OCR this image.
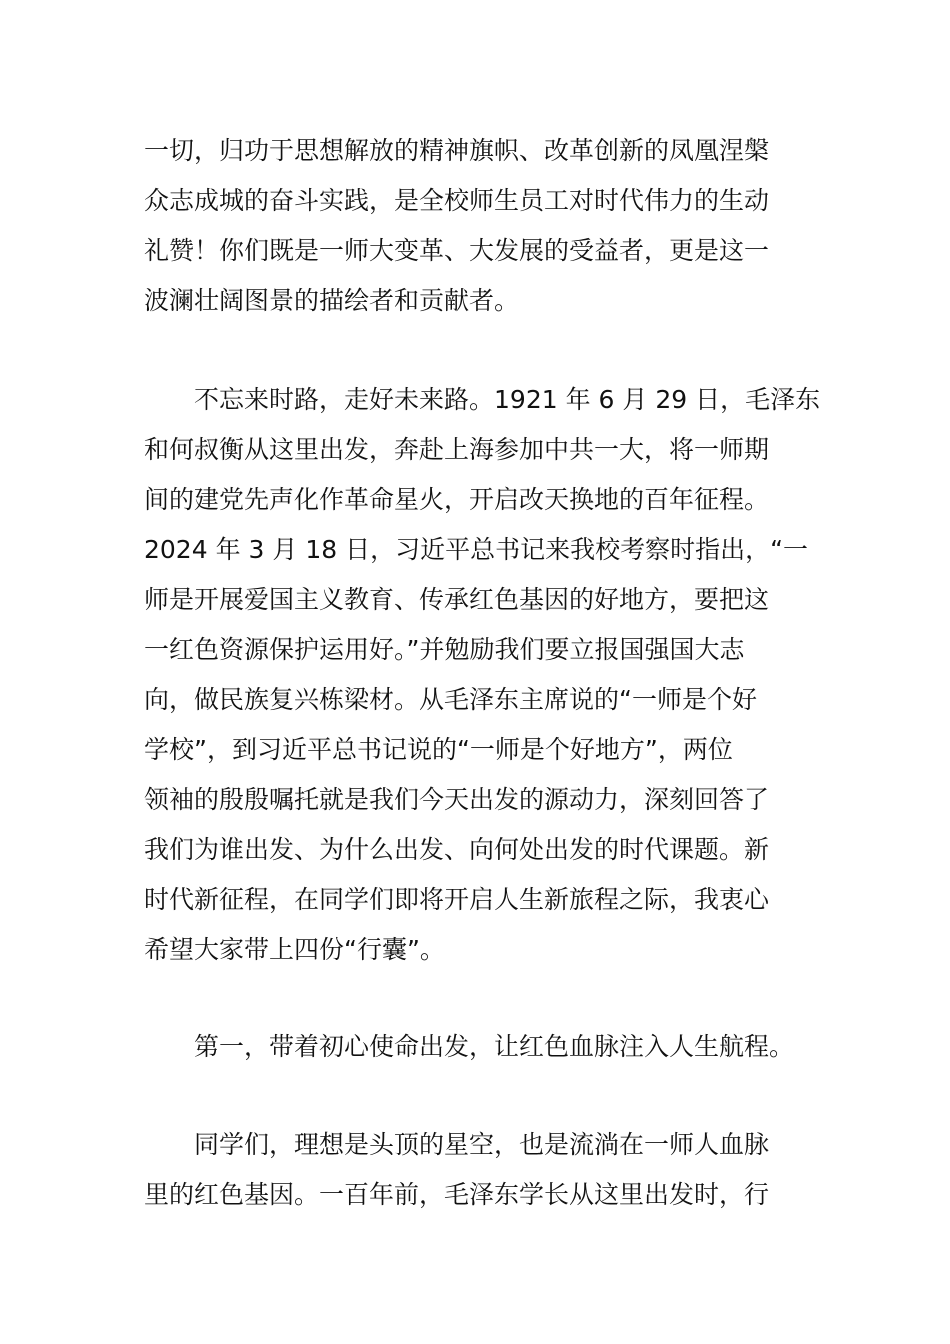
一切，归功于思想解放的精神旗帜、改革创新的凤凰涅槃
众志成城的奋斗实践，是全校师生员工对时代伟力的生动
礼赞！你们既是一师大变革、大发展的受益者，更是这一
波澜壮阔图景的描绘者和贡献者。
不忘来时路，走好未来路。1921 年 6 月 29 日，毛泽东
和何叔衡从这里出发，奔赴上海参加中共一大，将一师期
间的建党先声化作革命星火，开启改天换地的百年征程。
2024 年 3 月 18 日，习近平总书记来我校考察时指出，“一
师是开展爱国主义教育、传承红色基因的好地方，要把这
一红色资源保护运用好。”并勉励我们要立报国强国大志
向，做民族复兴栋梁材。从毛泽东主席说的“一师是个好
学校”，到习近平总书记说的“一师是个好地方”，两位
领袖的殷殷嘱托就是我们今天出发的源动力，深刻回答了
我们为谁出发、为什么出发、向何处出发的时代课题。新
时代新征程，在同学们即将开启人生新旅程之际，我衷心
希望大家带上四份“行囊”。
第一，带着初心使命出发，让红色血脉注入人生航程。
同学们，理想是头顶的星空，也是流淌在一师人血脉
里的红色基因。一百年前，毛泽东学长从这里出发时，行
